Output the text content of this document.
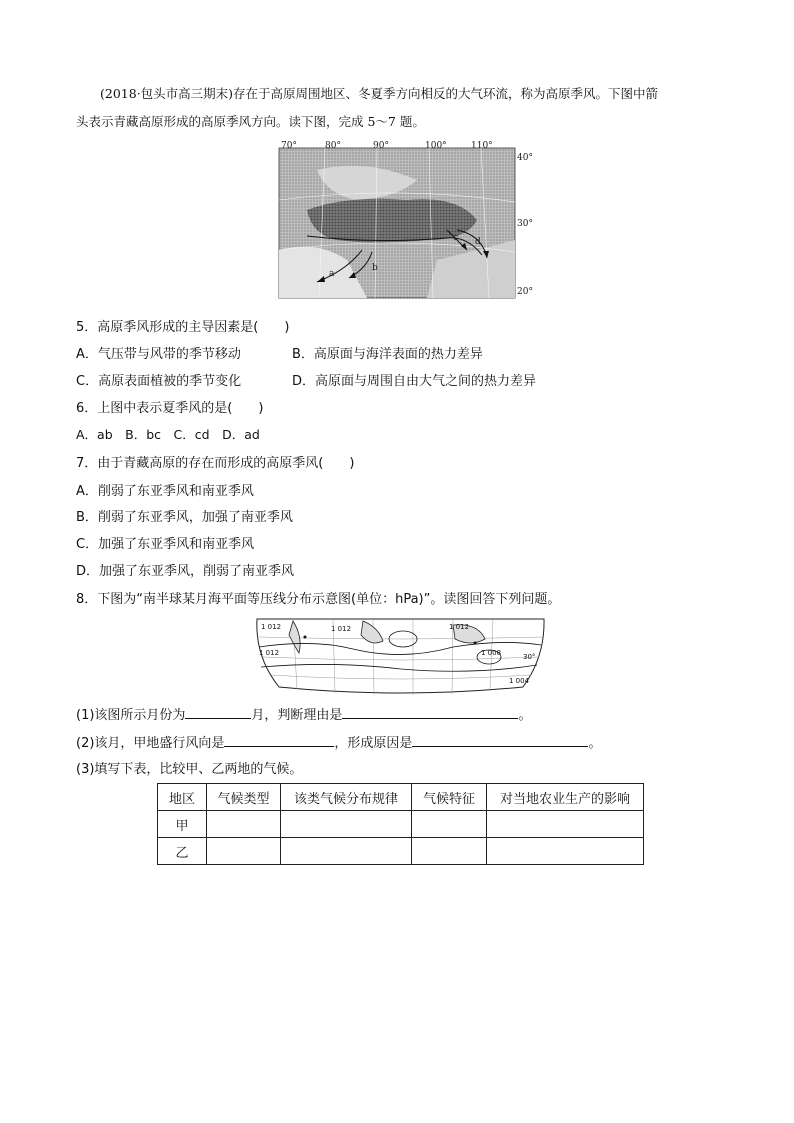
(2018·包头市高三期末)存在于高原周围地区、冬夏季方向相反的大气环流，称为高原季风。下图中箭
头表示青藏高原形成的高原季风方向。读下图，完成 5～7 题。
70°	80°	90°	100°	110°
40°
30°
20°
a
b
c d
5．高原季风形成的主导因素是(　　)
A．气压带与风带的季节移动	B．高原面与海洋表面的热力差异
C．高原表面植被的季节变化	D．高原面与周围自由大气之间的热力差异
6．上图中表示夏季风的是(　　)
A．ab　B．bc　C．cd　D．ad
7．由于青藏高原的存在而形成的高原季风(　　)
A．削弱了东亚季风和南亚季风
B．削弱了东亚季风，加强了南亚季风
C．加强了东亚季风和南亚季风
D．加强了东亚季风，削弱了南亚季风
8．下图为“南半球某月海平面等压线分布示意图(单位：hPa)”。读图回答下列问题。
1 012	1 012	1 012
1 012	1 008
1 004
30°
(1)该图所示月份为	月，判断理由是	。
(2)该月，甲地盛行风向是	，形成原因是	。
(3)填写下表，比较甲、乙两地的气候。
地区	气候类型	该类气候分布规律	气候特征	对当地农业生产的影响
甲				
乙				
